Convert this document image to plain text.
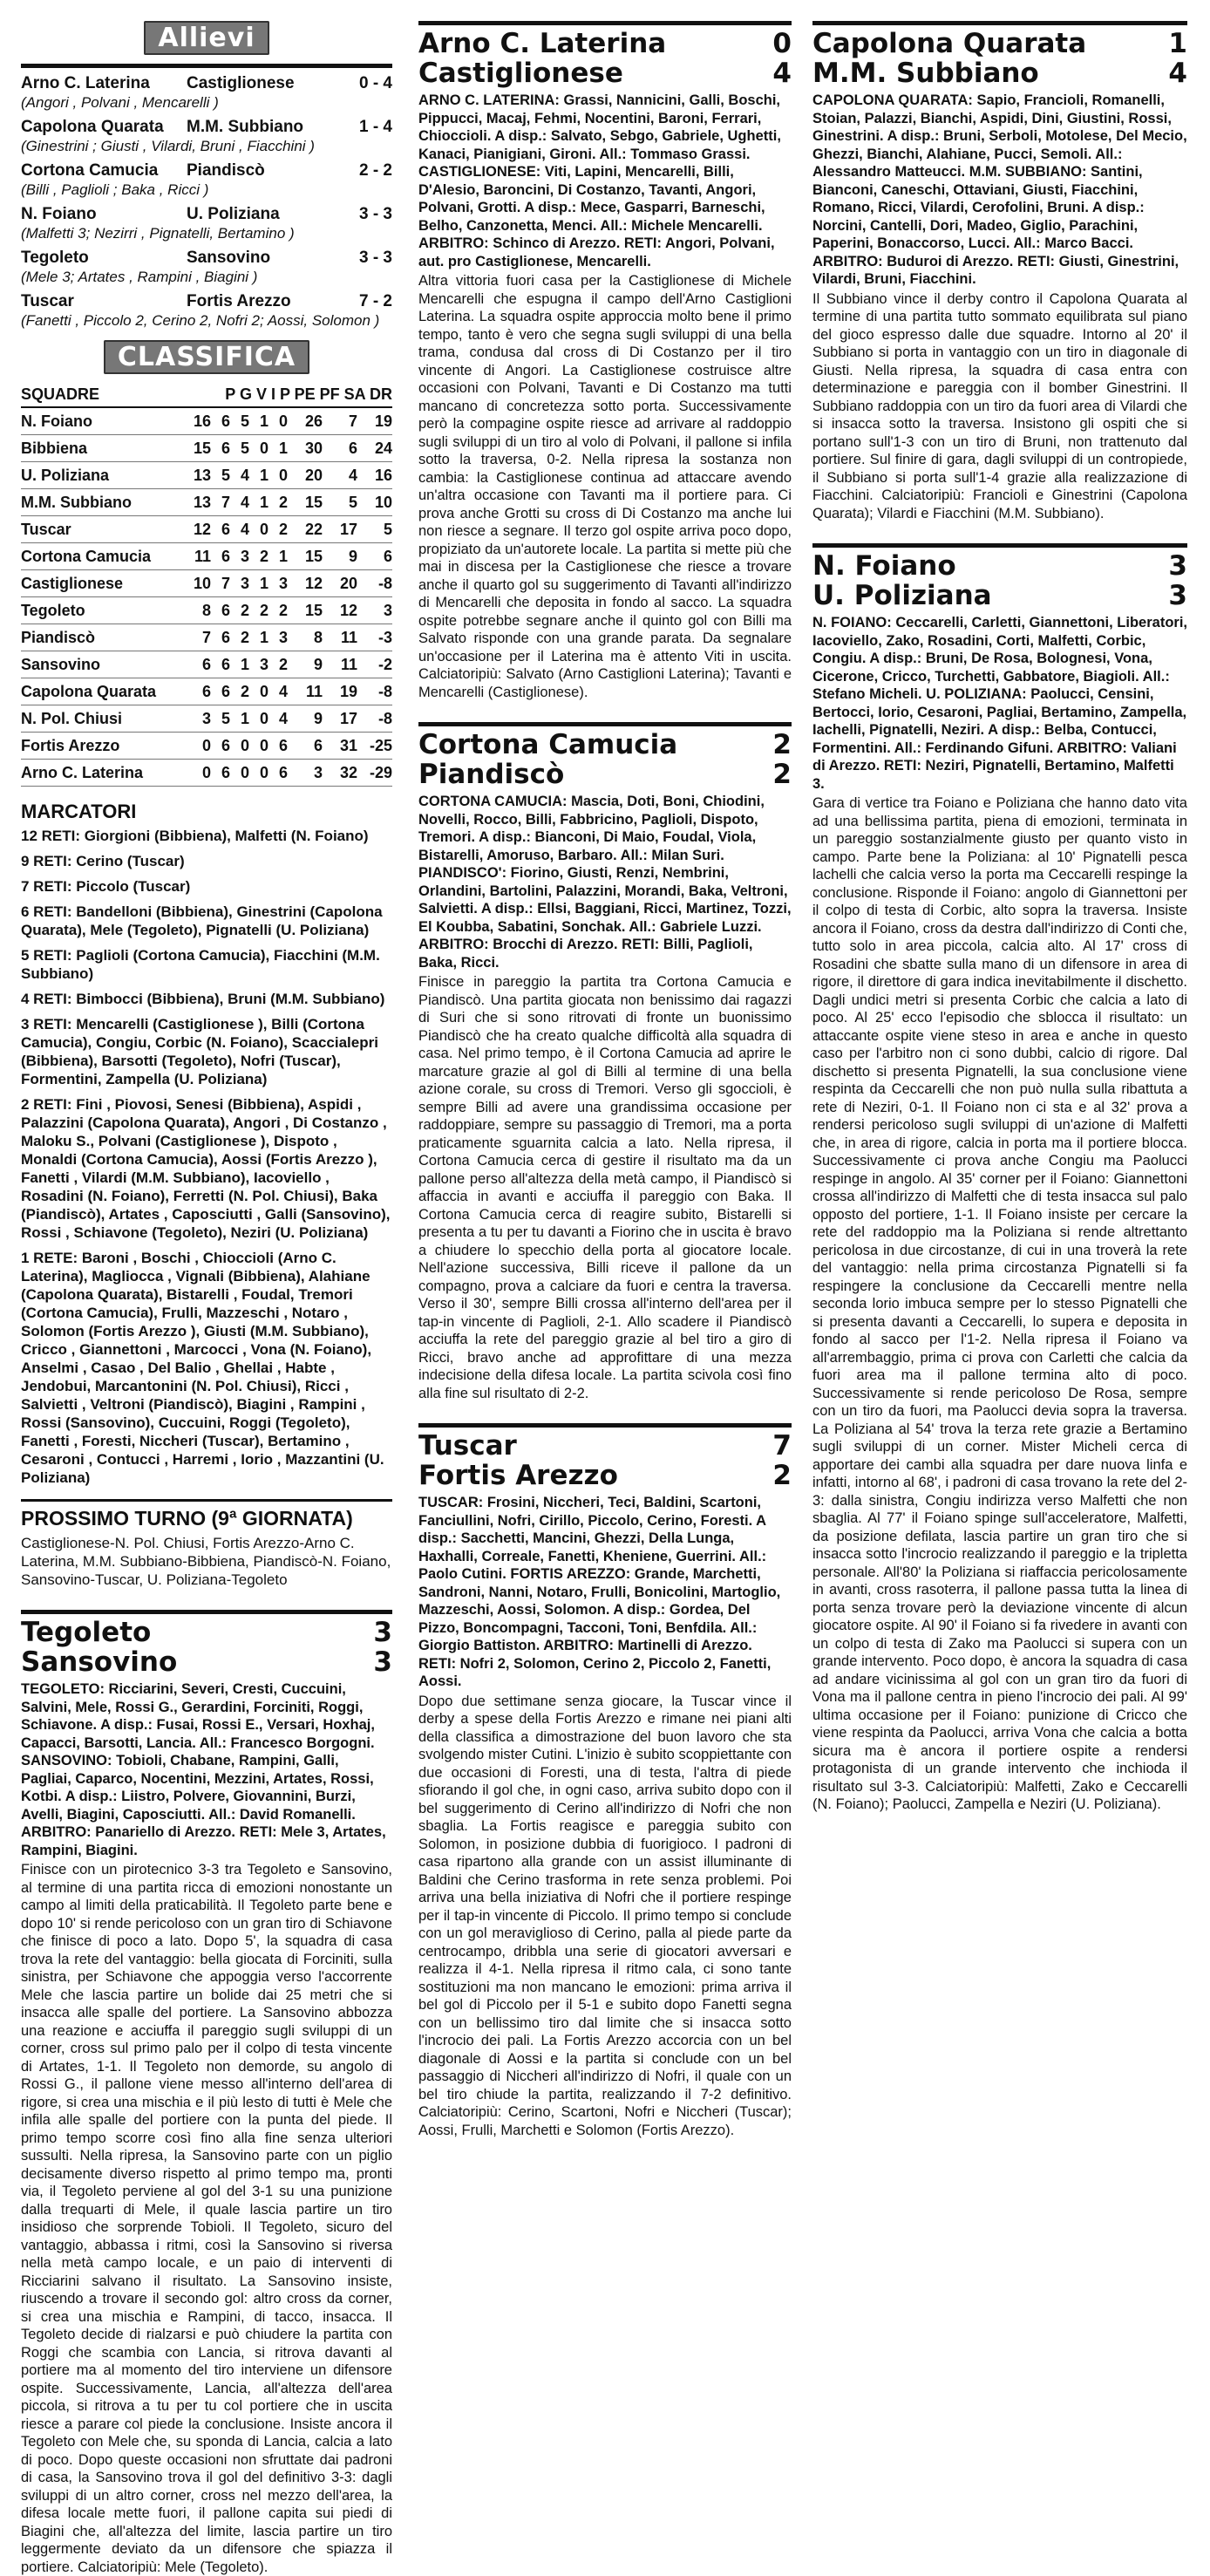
Allievi
Arno C. Laterina	Castiglionese	0 - 4
(Angori , Polvani , Mencarelli )
Capolona Quarata	M.M. Subbiano	1 - 4
(Ginestrini ; Giusti , Vilardi, Bruni , Fiacchini )
Cortona Camucia	Piandiscò	2 - 2
(Billi , Paglioli ; Baka , Ricci )
N. Foiano	U. Poliziana	3 - 3
(Malfetti 3; Nezirri , Pignatelli, Bertamino )
Tegoleto	Sansovino	3 - 3
(Mele 3; Artates , Rampini , Biagini )
Tuscar	Fortis Arezzo	7 - 2
(Fanetti , Piccolo 2, Cerino 2, Nofri 2; Aossi, Solomon )
CLASSIFICA
SQUADRE	P G V I P PE PF SA DR							
N. Foiano	16	6	5	1	0	26	7	19
Bibbiena	15	6	5	0	1	30	6	24
U. Poliziana	13	5	4	1	0	20	4	16
M.M. Subbiano	13	7	4	1	2	15	5	10
Tuscar	12	6	4	0	2	22	17	5
Cortona Camucia	11	6	3	2	1	15	9	6
Castiglionese	10	7	3	1	3	12	20	-8
Tegoleto	8	6	2	2	2	15	12	3
Piandiscò	7	6	2	1	3	8	11	-3
Sansovino	6	6	1	3	2	9	11	-2
Capolona Quarata	6	6	2	0	4	11	19	-8
N. Pol. Chiusi	3	5	1	0	4	9	17	-8
Fortis Arezzo	0	6	0	0	6	6	31	-25
Arno C. Laterina	0	6	0	0	6	3	32	-29
MARCATORI
12 RETI: Giorgioni (Bibbiena), Malfetti (N. Foiano)
9 RETI: Cerino (Tuscar)
7 RETI: Piccolo (Tuscar)
6 RETI: Bandelloni (Bibbiena), Ginestrini (Capolona Quarata), Mele (Tegoleto), Pignatelli (U. Poliziana)
5 RETI: Paglioli (Cortona Camucia), Fiacchini (M.M. Subbiano)
4 RETI: Bimbocci (Bibbiena), Bruni (M.M. Subbiano)
3 RETI: Mencarelli (Castiglionese ), Billi (Cortona Camucia), Congiu, Corbic (N. Foiano), Scaccialepri (Bibbiena), Barsotti (Tegoleto), Nofri (Tuscar), Formentini, Zampella (U. Poliziana)
2 RETI: Fini , Piovosi, Senesi (Bibbiena), Aspidi , Palazzini (Capolona Quarata), Angori , Di Costanzo , Maloku S., Polvani (Castiglionese ), Dispoto , Monaldi (Cortona Camucia), Aossi (Fortis Arezzo ), Fanetti , Vilardi (M.M. Subbiano), Iacoviello , Rosadini (N. Foiano), Ferretti (N. Pol. Chiusi), Baka (Piandiscò), Artates , Caposciutti , Galli (Sansovino), Rossi , Schiavone (Tegoleto), Neziri (U. Poliziana)
1 RETE: Baroni , Boschi , Chioccioli (Arno C. Laterina), Magliocca , Vignali (Bibbiena), Alahiane (Capolona Quarata), Bistarelli , Foudal, Tremori (Cortona Camucia), Frulli, Mazzeschi , Notaro , Solomon (Fortis Arezzo ), Giusti (M.M. Subbiano), Cricco , Giannettoni , Marcocci , Vona (N. Foiano), Anselmi , Casao , Del Balio , Ghellai , Habte , Jendobui, Marcantonini (N. Pol. Chiusi), Ricci , Salvietti , Veltroni (Piandiscò), Biagini , Rampini , Rossi (Sansovino), Cuccuini, Roggi (Tegoleto), Fanetti , Foresti, Niccheri (Tuscar), Bertamino , Cesaroni , Contucci , Harremi , Iorio , Mazzantini (U. Poliziana)
PROSSIMO TURNO (9ª GIORNATA)
Castiglionese-N. Pol. Chiusi, Fortis Arezzo-Arno C. Laterina, M.M. Subbiano-Bibbiena, Piandiscò-N. Foiano, Sansovino-Tuscar, U. Poliziana-Tegoleto
Tegoleto	3
Sansovino	3
TEGOLETO: Ricciarini, Severi, Cresti, Cuccuini, Salvini, Mele, Rossi G., Gerardini, Forciniti, Roggi, Schiavone. A disp.: Fusai, Rossi E., Versari, Hoxhaj, Capacci, Barsotti, Lancia. All.: Francesco Borgogni. SANSOVINO: Tobioli, Chabane, Rampini, Galli, Pagliai, Caparco, Nocentini, Mezzini, Artates, Rossi, Kotbi. A disp.: Liistro, Polvere, Giovannini, Burzi, Avelli, Biagini, Caposciutti. All.: David Romanelli. ARBITRO: Panariello di Arezzo. RETI: Mele 3, Artates, Rampini, Biagini.
Finisce con un pirotecnico 3-3 tra Tegoleto e Sansovino, al termine di una partita ricca di emozioni nonostante un campo al limiti della praticabilità. Il Tegoleto parte bene e dopo 10' si rende pericoloso con un gran tiro di Schiavone che finisce di poco a lato. Dopo 5', la squadra di casa trova la rete del vantaggio: bella giocata di Forciniti, sulla sinistra, per Schiavone che appoggia verso l'accorrente Mele che lascia partire un bolide dai 25 metri che si insacca alle spalle del portiere. La Sansovino abbozza una reazione e acciuffa il pareggio sugli sviluppi di un corner, cross sul primo palo per il colpo di testa vincente di Artates, 1-1. Il Tegoleto non demorde, su angolo di Rossi G., il pallone viene messo all'interno dell'area di rigore, si crea una mischia e il più lesto di tutti è Mele che infila alle spalle del portiere con la punta del piede. Il primo tempo scorre così fino alla fine senza ulteriori sussulti. Nella ripresa, la Sansovino parte con un piglio decisamente diverso rispetto al primo tempo ma, pronti via, il Tegoleto perviene al gol del 3-1 su una punizione dalla trequarti di Mele, il quale lascia partire un tiro insidioso che sorprende Tobioli. Il Tegoleto, sicuro del vantaggio, abbassa i ritmi, così la Sansovino si riversa nella metà campo locale, e un paio di interventi di Ricciarini salvano il risultato. La Sansovino insiste, riuscendo a trovare il secondo gol: altro cross da corner, si crea una mischia e Rampini, di tacco, insacca. Il Tegoleto decide di rialzarsi e può chiudere la partita con Roggi che scambia con Lancia, si ritrova davanti al portiere ma al momento del tiro interviene un difensore ospite. Successivamente, Lancia, all'altezza dell'area piccola, si ritrova a tu per tu col portiere che in uscita riesce a parare col piede la conclusione. Insiste ancora il Tegoleto con Mele che, su sponda di Lancia, calcia a lato di poco. Dopo queste occasioni non sfruttate dai padroni di casa, la Sansovino trova il gol del definitivo 3-3: dagli sviluppi di un altro corner, cross nel mezzo dell'area, la difesa locale mette fuori, il pallone capita sui piedi di Biagini che, all'altezza del limite, lascia partire un tiro leggermente deviato da un difensore che spiazza il portiere. Calciatoripiù: Mele (Tegoleto).
Arno C. Laterina	0
Castiglionese	4
ARNO C. LATERINA: Grassi, Nannicini, Galli, Boschi, Pippucci, Macaj, Fehmi, Nocentini, Baroni, Ferrari, Chioccioli. A disp.: Salvato, Sebgo, Gabriele, Ughetti, Kanaci, Pianigiani, Gironi. All.: Tommaso Grassi. CASTIGLIONESE: Viti, Lapini, Mencarelli, Billi, D'Alesio, Baroncini, Di Costanzo, Tavanti, Angori, Polvani, Grotti. A disp.: Mece, Gasparri, Barneschi, Belho, Canzonetta, Menci. All.: Michele Mencarelli. ARBITRO: Schinco di Arezzo. RETI: Angori, Polvani, aut. pro Castiglionese, Mencarelli.
Altra vittoria fuori casa per la Castiglionese di Michele Mencarelli che espugna il campo dell'Arno Castiglioni Laterina. La squadra ospite approccia molto bene il primo tempo, tanto è vero che segna sugli sviluppi di una bella trama, condusa dal cross di Di Costanzo per il tiro vincente di Angori. La Castiglionese costruisce altre occasioni con Polvani, Tavanti e Di Costanzo ma tutti mancano di concretezza sotto porta. Successivamente però la compagine ospite riesce ad arrivare al raddoppio sugli sviluppi di un tiro al volo di Polvani, il pallone si infila sotto la traversa, 0-2. Nella ripresa la sostanza non cambia: la Castiglionese continua ad attaccare avendo un'altra occasione con Tavanti ma il portiere para. Ci prova anche Grotti su cross di Di Costanzo ma anche lui non riesce a segnare. Il terzo gol ospite arriva poco dopo, propiziato da un'autorete locale. La partita si mette più che mai in discesa per la Castiglionese che riesce a trovare anche il quarto gol su suggerimento di Tavanti all'indirizzo di Mencarelli che deposita in fondo al sacco. La squadra ospite potrebbe segnare anche il quinto gol con Billi ma Salvato risponde con una grande parata. Da segnalare un'occasione per il Laterina ma è attento Viti in uscita. Calciatoripiù: Salvato (Arno Castiglioni Laterina); Tavanti e Mencarelli (Castiglionese).
Cortona Camucia	2
Piandiscò	2
CORTONA CAMUCIA: Mascia, Doti, Boni, Chiodini, Novelli, Rocco, Billi, Fabbricino, Paglioli, Dispoto, Tremori. A disp.: Bianconi, Di Maio, Foudal, Viola, Bistarelli, Amoruso, Barbaro. All.: Milan Suri. PIANDISCO': Fiorino, Giusti, Renzi, Nembrini, Orlandini, Bartolini, Palazzini, Morandi, Baka, Veltroni, Salvietti. A disp.: Ellsi, Baggiani, Ricci, Martinez, Tozzi, El Koubba, Sabatini, Sonchak. All.: Gabriele Luzzi. ARBITRO: Brocchi di Arezzo. RETI: Billi, Paglioli, Baka, Ricci.
Finisce in pareggio la partita tra Cortona Camucia e Piandiscò. Una partita giocata non benissimo dai ragazzi di Suri che si sono ritrovati di fronte un buonissimo Piandiscò che ha creato qualche difficoltà alla squadra di casa. Nel primo tempo, è il Cortona Camucia ad aprire le marcature grazie al gol di Billi al termine di una bella azione corale, su cross di Tremori. Verso gli sgoccioli, è sempre Billi ad avere una grandissima occasione per raddoppiare, sempre su passaggio di Tremori, ma a porta praticamente sguarnita calcia a lato. Nella ripresa, il Cortona Camucia cerca di gestire il risultato ma da un pallone perso all'altezza della metà campo, il Piandiscò si affaccia in avanti e acciuffa il pareggio con Baka. Il Cortona Camucia cerca di reagire subito, Bistarelli si presenta a tu per tu davanti a Fiorino che in uscita è bravo a chiudere lo specchio della porta al giocatore locale. Nell'azione successiva, Billi riceve il pallone da un compagno, prova a calciare da fuori e centra la traversa. Verso il 30', sempre Billi crossa all'interno dell'area per il tap-in vincente di Paglioli, 2-1. Allo scadere il Piandiscò acciuffa la rete del pareggio grazie al bel tiro a giro di Ricci, bravo anche ad approfittare di una mezza indecisione della difesa locale. La partita scivola così fino alla fine sul risultato di 2-2.
Tuscar	7
Fortis Arezzo	2
TUSCAR: Frosini, Niccheri, Teci, Baldini, Scartoni, Fanciullini, Nofri, Cirillo, Piccolo, Cerino, Foresti. A disp.: Sacchetti, Mancini, Ghezzi, Della Lunga, Haxhalli, Correale, Fanetti, Kheniene, Guerrini. All.: Paolo Cutini. FORTIS AREZZO: Grande, Marchetti, Sandroni, Nanni, Notaro, Frulli, Bonicolini, Martoglio, Mazzeschi, Aossi, Solomon. A disp.: Gordea, Del Pizzo, Boncompagni, Tacconi, Toni, Benfdila. All.: Giorgio Battiston. ARBITRO: Martinelli di Arezzo. RETI: Nofri 2, Solomon, Cerino 2, Piccolo 2, Fanetti, Aossi.
Dopo due settimane senza giocare, la Tuscar vince il derby a spese della Fortis Arezzo e rimane nei piani alti della classifica a dimostrazione del buon lavoro che sta svolgendo mister Cutini. L'inizio è subito scoppiettante con due occasioni di Foresti, una di testa, l'altra di piede sfiorando il gol che, in ogni caso, arriva subito dopo con il bel suggerimento di Cerino all'indirizzo di Nofri che non sbaglia. La Fortis reagisce e pareggia subito con Solomon, in posizione dubbia di fuorigioco. I padroni di casa ripartono alla grande con un assist illuminante di Baldini che Cerino trasforma in rete senza problemi. Poi arriva una bella iniziativa di Nofri che il portiere respinge per il tap-in vincente di Piccolo. Il primo tempo si conclude con un gol meraviglioso di Cerino, palla al piede parte da centrocampo, dribbla una serie di giocatori avversari e realizza il 4-1. Nella ripresa il ritmo cala, ci sono tante sostituzioni ma non mancano le emozioni: prima arriva il bel gol di Piccolo per il 5-1 e subito dopo Fanetti segna con un bellissimo tiro dal limite che si insacca sotto l'incrocio dei pali. La Fortis Arezzo accorcia con un bel diagonale di Aossi e la partita si conclude con un bel passaggio di Niccheri all'indirizzo di Nofri, il quale con un bel tiro chiude la partita, realizzando il 7-2 definitivo. Calciatoripiù: Cerino, Scartoni, Nofri e Niccheri (Tuscar); Aossi, Frulli, Marchetti e Solomon (Fortis Arezzo).
Capolona Quarata	1
M.M. Subbiano	4
CAPOLONA QUARATA: Sapio, Francioli, Romanelli, Stoian, Palazzi, Bianchi, Aspidi, Dini, Giustini, Rossi, Ginestrini. A disp.: Bruni, Serboli, Motolese, Del Mecio, Ghezzi, Bianchi, Alahiane, Pucci, Semoli. All.: Alessandro Matteucci. M.M. SUBBIANO: Santini, Bianconi, Caneschi, Ottaviani, Giusti, Fiacchini, Romano, Ricci, Vilardi, Cerofolini, Bruni. A disp.: Norcini, Cantelli, Dori, Madeo, Giglio, Parachini, Paperini, Bonaccorso, Lucci. All.: Marco Bacci. ARBITRO: Buduroi di Arezzo. RETI: Giusti, Ginestrini, Vilardi, Bruni, Fiacchini.
Il Subbiano vince il derby contro il Capolona Quarata al termine di una partita tutto sommato equilibrata sul piano del gioco espresso dalle due squadre. Intorno al 20' il Subbiano si porta in vantaggio con un tiro in diagonale di Giusti. Nella ripresa, la squadra di casa entra con determinazione e pareggia con il bomber Ginestrini. Il Subbiano raddoppia con un tiro da fuori area di Vilardi che si insacca sotto la traversa. Insistono gli ospiti che si portano sull'1-3 con un tiro di Bruni, non trattenuto dal portiere. Sul finire di gara, dagli sviluppi di un contropiede, il Subbiano si porta sull'1-4 grazie alla realizzazione di Fiacchini. Calciatoripiù: Francioli e Ginestrini (Capolona Quarata); Vilardi e Fiacchini (M.M. Subbiano).
N. Foiano	3
U. Poliziana	3
N. FOIANO: Ceccarelli, Carletti, Giannettoni, Liberatori, Iacoviello, Zako, Rosadini, Corti, Malfetti, Corbic, Congiu. A disp.: Bruni, De Rosa, Bolognesi, Vona, Cicerone, Cricco, Turchetti, Gabbatore, Biagioli. All.: Stefano Micheli. U. POLIZIANA: Paolucci, Censini, Bertocci, Iorio, Cesaroni, Pagliai, Bertamino, Zampella, Iachelli, Pignatelli, Neziri. A disp.: Belba, Contucci, Formentini. All.: Ferdinando Gifuni. ARBITRO: Valiani di Arezzo. RETI: Neziri, Pignatelli, Bertamino, Malfetti 3.
Gara di vertice tra Foiano e Poliziana che hanno dato vita ad una bellissima partita, piena di emozioni, terminata in un pareggio sostanzialmente giusto per quanto visto in campo. Parte bene la Poliziana: al 10' Pignatelli pesca lachelli che calcia verso la porta ma Ceccarelli respinge la conclusione. Risponde il Foiano: angolo di Giannettoni per il colpo di testa di Corbic, alto sopra la traversa. Insiste ancora il Foiano, cross da destra dall'indirizzo di Conti che, tutto solo in area piccola, calcia alto. Al 17' cross di Rosadini che sbatte sulla mano di un difensore in area di rigore, il direttore di gara indica inevitabilmente il dischetto. Dagli undici metri si presenta Corbic che calcia a lato di poco. Al 25' ecco l'episodio che sblocca il risultato: un attaccante ospite viene steso in area e anche in questo caso per l'arbitro non ci sono dubbi, calcio di rigore. Dal dischetto si presenta Pignatelli, la sua conclusione viene respinta da Ceccarelli che non può nulla sulla ribattuta a rete di Neziri, 0-1. Il Foiano non ci sta e al 32' prova a rendersi pericoloso sugli sviluppi di un'azione di Malfetti che, in area di rigore, calcia in porta ma il portiere blocca. Successivamente ci prova anche Congiu ma Paolucci respinge in angolo. Al 35' corner per il Foiano: Giannettoni crossa all'indirizzo di Malfetti che di testa insacca sul palo opposto del portiere, 1-1. Il Foiano insiste per cercare la rete del raddoppio ma la Poliziana si rende altrettanto pericolosa in due circostanze, di cui in una troverà la rete del vantaggio: nella prima circostanza Pignatelli si fa respingere la conclusione da Ceccarelli mentre nella seconda lorio imbuca sempre per lo stesso Pignatelli che si presenta davanti a Ceccarelli, lo supera e deposita in fondo al sacco per l'1-2. Nella ripresa il Foiano va all'arrembaggio, prima ci prova con Carletti che calcia da fuori area ma il pallone termina alto di poco. Successivamente si rende pericoloso De Rosa, sempre con un tiro da fuori, ma Paolucci devia sopra la traversa. La Poliziana al 54' trova la terza rete grazie a Bertamino sugli sviluppi di un corner. Mister Micheli cerca di apportare dei cambi alla squadra per dare nuova linfa e infatti, intorno al 68', i padroni di casa trovano la rete del 2-3: dalla sinistra, Congiu indirizza verso Malfetti che non sbaglia. Al 77' il Foiano spinge sull'acceleratore, Malfetti, da posizione defilata, lascia partire un gran tiro che si insacca sotto l'incrocio realizzando il pareggio e la tripletta personale. All'80' la Poliziana si riaffaccia pericolosamente in avanti, cross rasoterra, il pallone passa tutta la linea di porta senza trovare però la deviazione vincente di alcun giocatore ospite. Al 90' il Foiano si fa rivedere in avanti con un colpo di testa di Zako ma Paolucci si supera con un grande intervento. Poco dopo, è ancora la squadra di casa ad andare vicinissima al gol con un gran tiro da fuori di Vona ma il pallone centra in pieno l'incrocio dei pali. Al 99' ultima occasione per il Foiano: punizione di Cricco che viene respinta da Paolucci, arriva Vona che calcia a botta sicura ma è ancora il portiere ospite a rendersi protagonista di un grande intervento che inchioda il risultato sul 3-3. Calciatoripiù: Malfetti, Zako e Ceccarelli (N. Foiano); Paolucci, Zampella e Neziri (U. Poliziana).
